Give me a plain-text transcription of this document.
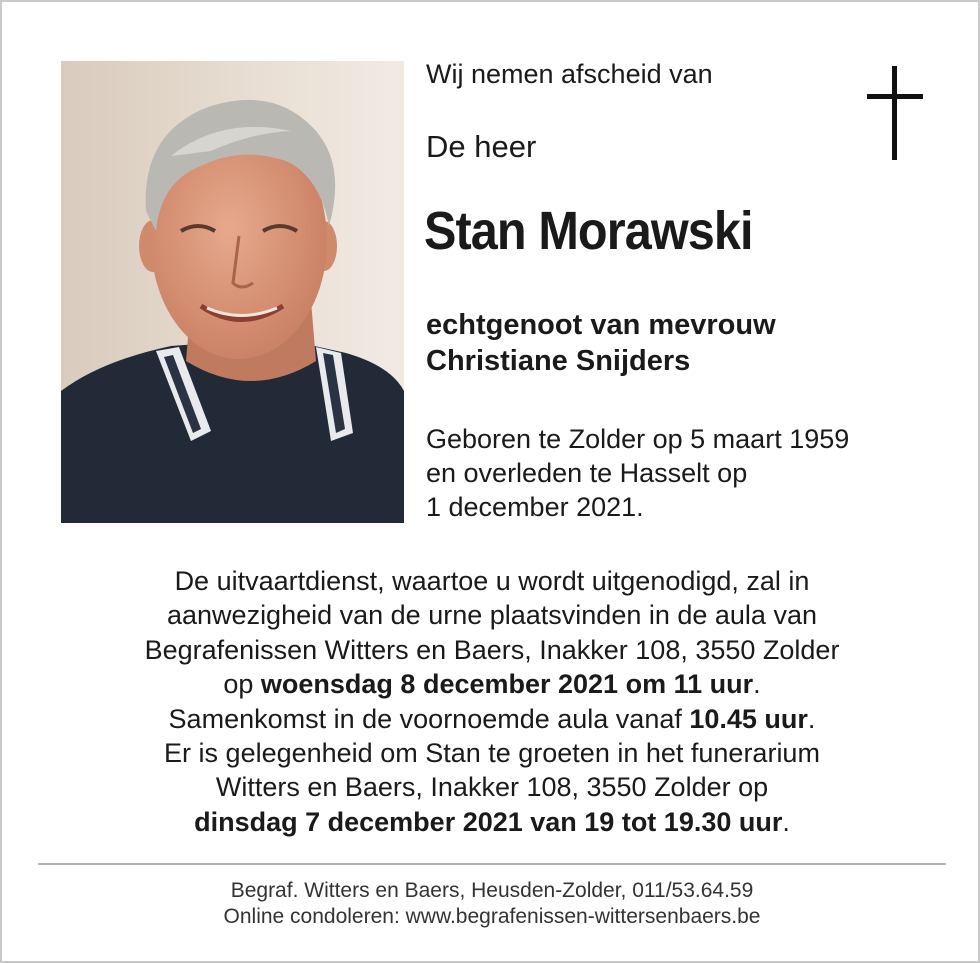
Wij nemen afscheid van
De heer
Stan Morawski
echtgenoot van mevrouw
Christiane Snijders
Geboren te Zolder op 5 maart 1959
en overleden te Hasselt op
1 december 2021.
De uitvaartdienst, waartoe u wordt uitgenodigd, zal in
aanwezigheid van de urne plaatsvinden in de aula van
Begrafenissen Witters en Baers, Inakker 108, 3550 Zolder
op woensdag 8 december 2021 om 11 uur.
Samenkomst in de voornoemde aula vanaf 10.45 uur.
Er is gelegenheid om Stan te groeten in het funerarium
Witters en Baers, Inakker 108, 3550 Zolder op
dinsdag 7 december 2021 van 19 tot 19.30 uur.
Begraf. Witters en Baers, Heusden-Zolder, 011/53.64.59
Online condoleren: www.begrafenissen-wittersenbaers.be
